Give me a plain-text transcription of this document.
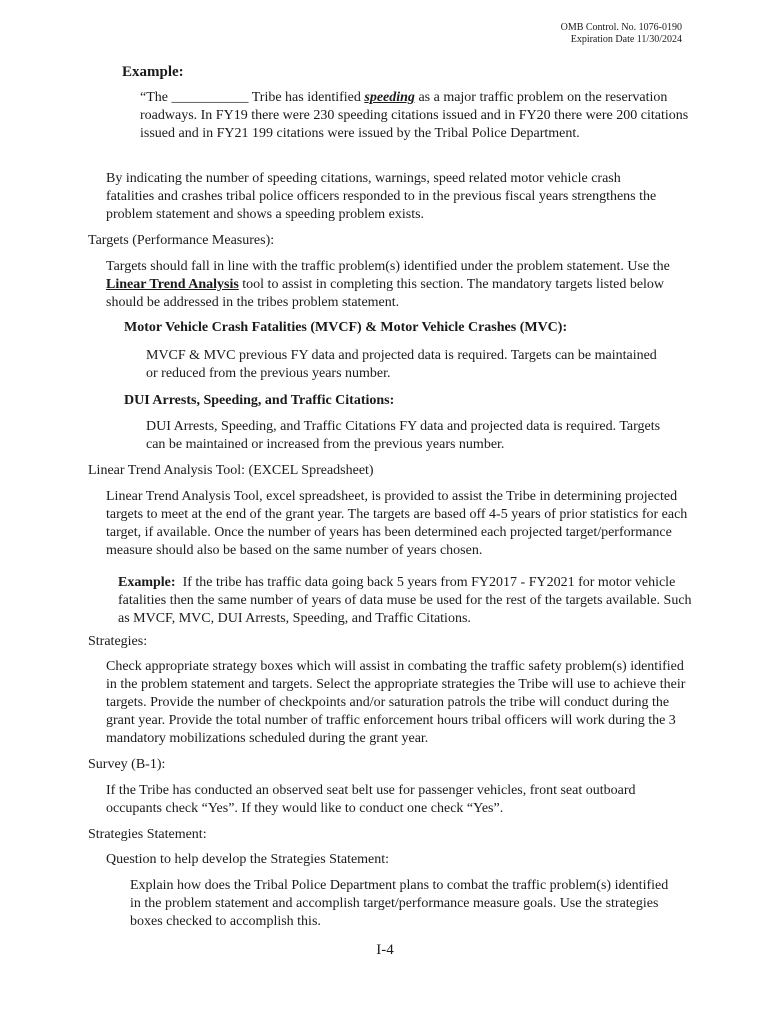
OMB Control. No. 1076-0190
Expiration Date 11/30/2024
Example:
“The ___________ Tribe has identified speeding as a major traffic problem on the reservation roadways. In FY19 there were 230 speeding citations issued and in FY20 there were 200 citations issued and in FY21 199 citations were issued by the Tribal Police Department.
By indicating the number of speeding citations, warnings, speed related motor vehicle crash fatalities and crashes tribal police officers responded to in the previous fiscal years strengthens the problem statement and shows a speeding problem exists.
Targets (Performance Measures):
Targets should fall in line with the traffic problem(s) identified under the problem statement. Use the Linear Trend Analysis tool to assist in completing this section. The mandatory targets listed below should be addressed in the tribes problem statement.
Motor Vehicle Crash Fatalities (MVCF) & Motor Vehicle Crashes (MVC):
MVCF & MVC previous FY data and projected data is required. Targets can be maintained or reduced from the previous years number.
DUI Arrests, Speeding, and Traffic Citations:
DUI Arrests, Speeding, and Traffic Citations FY data and projected data is required. Targets can be maintained or increased from the previous years number.
Linear Trend Analysis Tool: (EXCEL Spreadsheet)
Linear Trend Analysis Tool, excel spreadsheet, is provided to assist the Tribe in determining projected targets to meet at the end of the grant year. The targets are based off 4-5 years of prior statistics for each target, if available. Once the number of years has been determined each projected target/performance measure should also be based on the same number of years chosen.
Example: If the tribe has traffic data going back 5 years from FY2017 - FY2021 for motor vehicle fatalities then the same number of years of data muse be used for the rest of the targets available. Such as MVCF, MVC, DUI Arrests, Speeding, and Traffic Citations.
Strategies:
Check appropriate strategy boxes which will assist in combating the traffic safety problem(s) identified in the problem statement and targets. Select the appropriate strategies the Tribe will use to achieve their targets. Provide the number of checkpoints and/or saturation patrols the tribe will conduct during the grant year. Provide the total number of traffic enforcement hours tribal officers will work during the 3 mandatory mobilizations scheduled during the grant year.
Survey (B-1):
If the Tribe has conducted an observed seat belt use for passenger vehicles, front seat outboard occupants check “Yes”. If they would like to conduct one check “Yes”.
Strategies Statement:
Question to help develop the Strategies Statement:
Explain how does the Tribal Police Department plans to combat the traffic problem(s) identified in the problem statement and accomplish target/performance measure goals. Use the strategies boxes checked to accomplish this.
I-4
